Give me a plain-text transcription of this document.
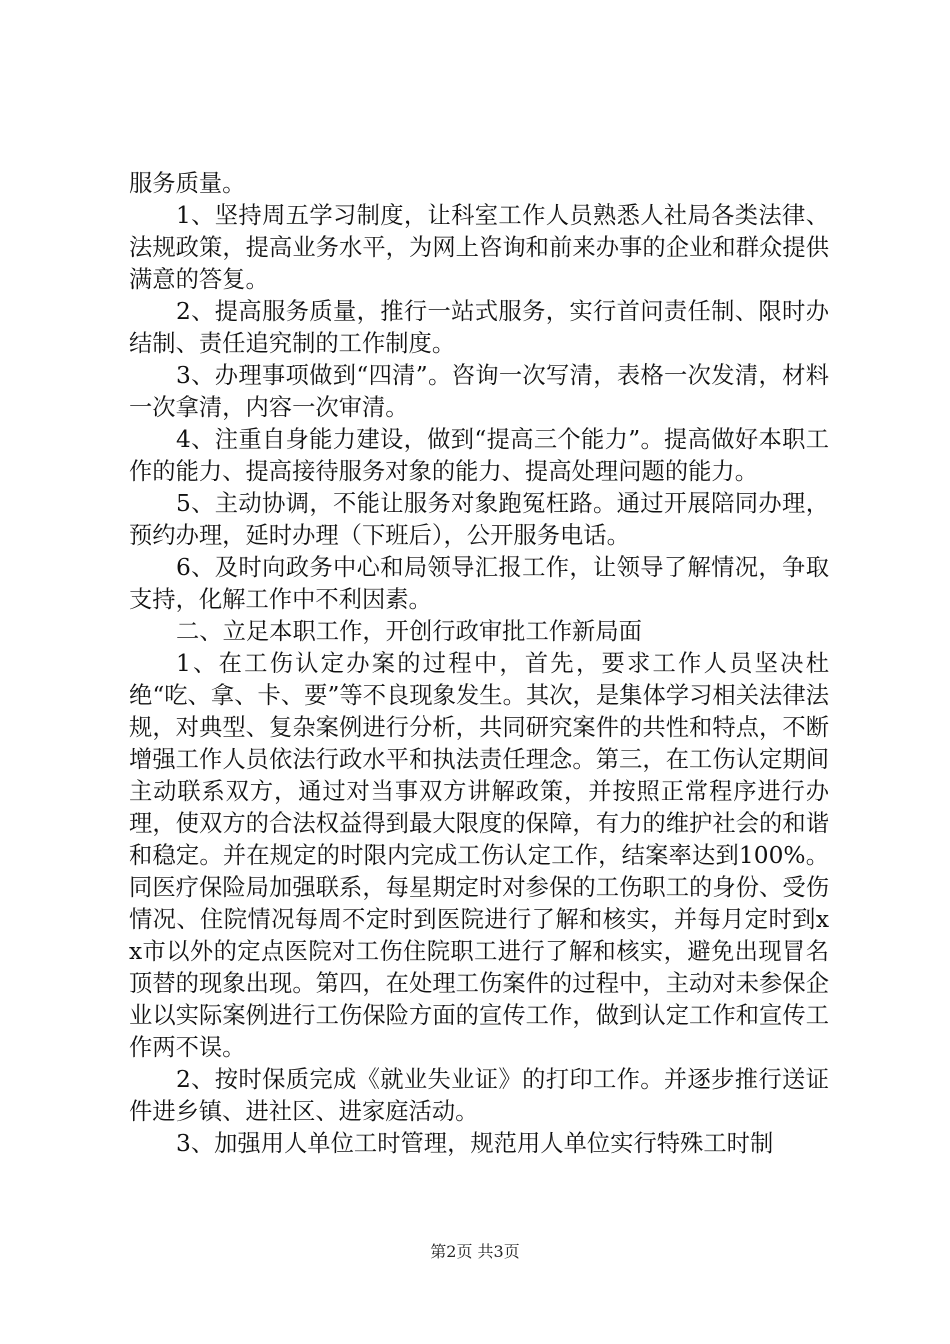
服务质量。

1、坚持周五学习制度，让科室工作人员熟悉人社局各类法律、法规政策，提高业务水平，为网上咨询和前来办事的企业和群众提供满意的答复。

2、提高服务质量，推行一站式服务，实行首问责任制、限时办结制、责任追究制的工作制度。

3、办理事项做到“四清”。咨询一次写清，表格一次发清，材料一次拿清，内容一次审清。

4、注重自身能力建设，做到“提高三个能力”。提高做好本职工作的能力、提高接待服务对象的能力、提高处理问题的能力。

5、主动协调，不能让服务对象跑冤枉路。通过开展陪同办理，预约办理，延时办理（下班后），公开服务电话。

6、及时向政务中心和局领导汇报工作，让领导了解情况，争取支持，化解工作中不利因素。

二、立足本职工作，开创行政审批工作新局面

1、在工伤认定办案的过程中，首先，要求工作人员坚决杜绝“吃、拿、卡、要”等不良现象发生。其次，是集体学习相关法律法规，对典型、复杂案例进行分析，共同研究案件的共性和特点，不断增强工作人员依法行政水平和执法责任理念。第三，在工伤认定期间主动联系双方，通过对当事双方讲解政策，并按照正常程序进行办理，使双方的合法权益得到最大限度的保障，有力的维护社会的和谐和稳定。并在规定的时限内完成工伤认定工作，结案率达到100%。同医疗保险局加强联系，每星期定时对参保的工伤职工的身份、受伤情况、住院情况每周不定时到医院进行了解和核实，并每月定时到xx市以外的定点医院对工伤住院职工进行了解和核实，避免出现冒名顶替的现象出现。第四，在处理工伤案件的过程中，主动对未参保企业以实际案例进行工伤保险方面的宣传工作，做到认定工作和宣传工作两不误。

2、按时保质完成《就业失业证》的打印工作。并逐步推行送证件进乡镇、进社区、进家庭活动。

3、加强用人单位工时管理，规范用人单位实行特殊工时制

第2页 共3页
